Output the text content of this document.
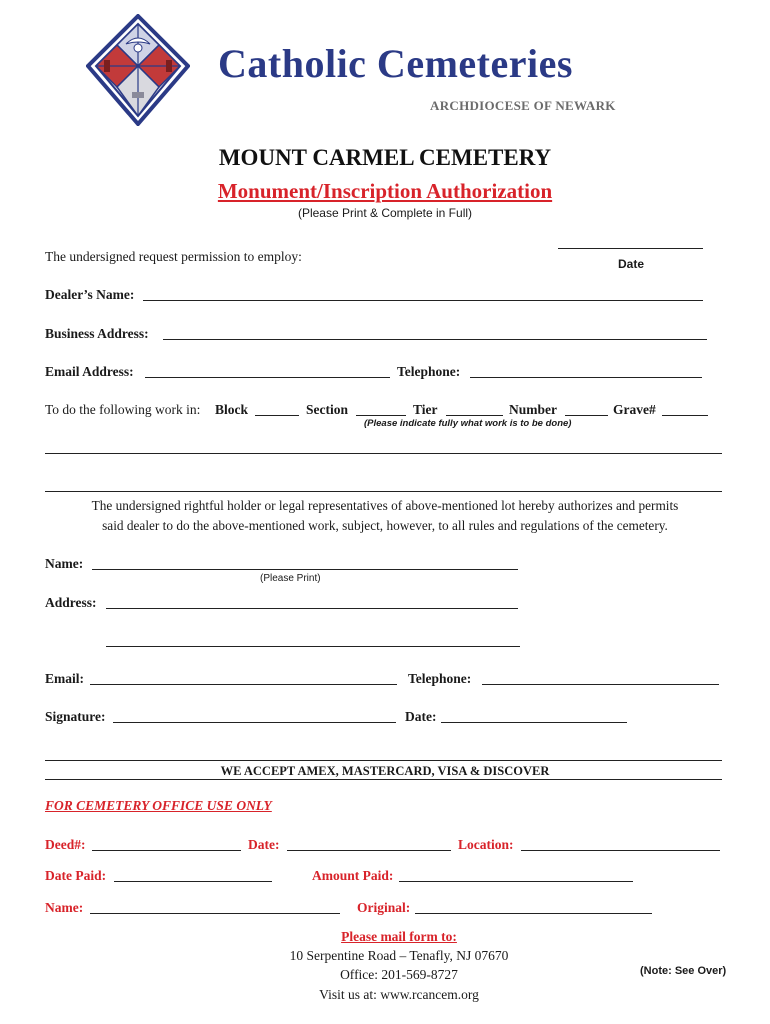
Catholic Cemeteries
ARCHDIOCESE OF NEWARK
MOUNT CARMEL CEMETERY
Monument/Inscription Authorization
(Please Print & Complete in Full)
The undersigned request permission to employ:	Date
Dealer’s Name:
Business Address:
Email Address:	Telephone:
To do the following work in: Block	Section	Tier	Number	Grave#
(Please indicate fully what work is to be done)
The undersigned rightful holder or legal representatives of above-mentioned lot hereby authorizes and permits
said dealer to do the above-mentioned work, subject, however, to all rules and regulations of the cemetery.
Name:
(Please Print)
Address:
Email:	Telephone:
Signature:	Date:
WE ACCEPT AMEX, MASTERCARD, VISA & DISCOVER
FOR CEMETERY OFFICE USE ONLY
Deed#:	Date:	Location:
Date Paid:	Amount Paid:
Name:	Original:
Please mail form to:
10 Serpentine Road – Tenafly, NJ 07670
Office: 201-569-8727
Visit us at: www.rcancem.org
(Note: See Over)
